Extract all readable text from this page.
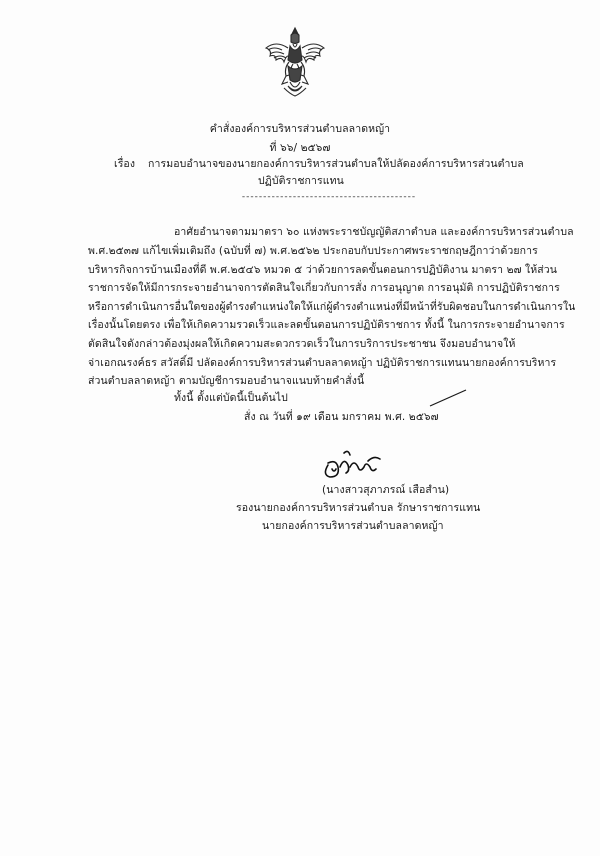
คำสั่งองค์การบริหารส่วนตำบลลาดหญ้า
ที่ ๖๖/ ๒๕๖๗
เรื่อง การมอบอำนาจของนายกองค์การบริหารส่วนตำบลให้ปลัดองค์การบริหารส่วนตำบล
ปฏิบัติราชการแทน
-----------------------------------------
อาศัยอำนาจตามมาตรา ๖๐ แห่งพระราชบัญญัติสภาตำบล และองค์การบริหารส่วนตำบล
พ.ศ.๒๕๓๗ แก้ไขเพิ่มเติมถึง (ฉบับที่ ๗) พ.ศ.๒๕๖๒ ประกอบกับประกาศพระราชกฤษฎีกาว่าด้วยการ
บริหารกิจการบ้านเมืองที่ดี พ.ศ.๒๕๔๖ หมวด ๕ ว่าด้วยการลดขั้นตอนการปฏิบัติงาน มาตรา ๒๗ ให้ส่วน
ราชการจัดให้มีการกระจายอำนาจการตัดสินใจเกี่ยวกับการสั่ง การอนุญาต การอนุมัติ การปฏิบัติราชการ
หรือการดำเนินการอื่นใดของผู้ดำรงตำแหน่งใดให้แก่ผู้ดำรงตำแหน่งที่มีหน้าที่รับผิดชอบในการดำเนินการใน
เรื่องนั้นโดยตรง เพื่อให้เกิดความรวดเร็วและลดขั้นตอนการปฏิบัติราชการ ทั้งนี้ ในการกระจายอำนาจการ
ตัดสินใจดังกล่าวต้องมุ่งผลให้เกิดความสะดวกรวดเร็วในการบริการประชาชน จึงมอบอำนาจให้
จ่าเอกณรงค์ธร สวัสดิ์มี ปลัดองค์การบริหารส่วนตำบลลาดหญ้า ปฏิบัติราชการแทนนายกองค์การบริหาร
ส่วนตำบลลาดหญ้า ตามบัญชีการมอบอำนาจแนบท้ายคำสั่งนี้
ทั้งนี้ ตั้งแต่บัดนี้เป็นต้นไป
สั่ง ณ วันที่ ๑๙ เดือน มกราคม พ.ศ. ๒๕๖๗
(นางสาวสุภาภรณ์ เสือสำน)
รองนายกองค์การบริหารส่วนตำบล รักษาราชการแทน
นายกองค์การบริหารส่วนตำบลลาดหญ้า
